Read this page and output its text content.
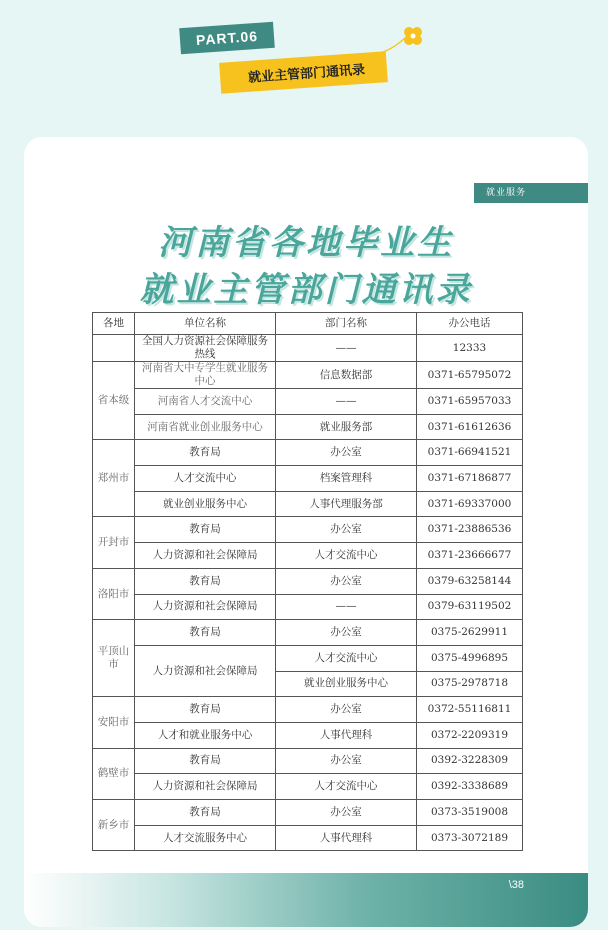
PART.06
就业主管部门通讯录
就业服务
河南省各地毕业生
就业主管部门通讯录
各地	单位名称	部门名称	办公电话
	全国人力资源社会保障服务热线	——	12333
省本级	河南省大中专学生就业服务中心	信息数据部	0371-65795072
	河南省人才交流中心	——	0371-65957033
	河南省就业创业服务中心	就业服务部	0371-61612636
郑州市	教育局	办公室	0371-66941521
	人才交流中心	档案管理科	0371-67186877
	就业创业服务中心	人事代理服务部	0371-69337000
开封市	教育局	办公室	0371-23886536
	人力资源和社会保障局	人才交流中心	0371-23666677
洛阳市	教育局	办公室	0379-63258144
	人力资源和社会保障局	——	0379-63119502
平顶山市	教育局	办公室	0375-2629911
	人力资源和社会保障局	人才交流中心	0375-4996895
		就业创业服务中心	0375-2978718
安阳市	教育局	办公室	0372-55116811
	人才和就业服务中心	人事代理科	0372-2209319
鹤壁市	教育局	办公室	0392-3228309
	人力资源和社会保障局	人才交流中心	0392-3338689
新乡市	教育局	办公室	0373-3519008
	人才交流服务中心	人事代理科	0373-3072189
\38
